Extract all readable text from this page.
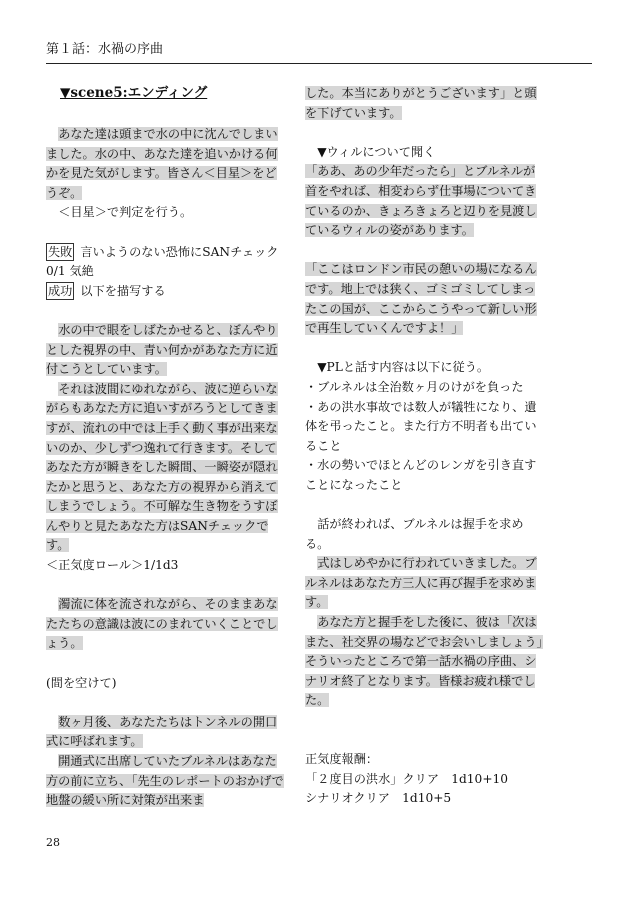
第１話：水禍の序曲
▼scene5:エンディング

あなた達は頭まで水の中に沈んでしまいました。水の中、あなた達を追いかける何かを見た気がします。皆さん＜目星＞をどうぞ。

＜目星＞で判定を行う。

失敗 言いようのない恐怖にSANチェック 0/1 気絶

成功 以下を描写する

水の中で眼をしばたかせると、ぼんやりとした視界の中、青い何かがあなた方に近付こうとしています。

それは波間にゆれながら、波に逆らいながらもあなた方に追いすがろうとしてきますが、流れの中では上手く動く事が出来ないのか、少しずつ逸れて行きます。そしてあなた方が瞬きをした瞬間、一瞬姿が隠れたかと思うと、あなた方の視界から消えてしまうでしょう。不可解な生き物をうすぼんやりと見たあなた方はSANチェックです。

＜正気度ロール＞1/1d3

濁流に体を流されながら、そのままあなたたちの意識は波にのまれていくことでしょう。

(間を空けて)

数ヶ月後、あなたたちはトンネルの開口式に呼ばれます。

開通式に出席していたブルネルはあなた方の前に立ち、「先生のレポートのおかげで地盤の緩い所に対策が出来ま

した。本当にありがとうございます」と頭を下げています。

▼ウィルについて聞く

「ああ、あの少年だったら」とブルネルが首をやれば、相変わらず仕事場についてきているのか、きょろきょろと辺りを見渡しているウィルの姿があります。

「ここはロンドン市民の憩いの場になるんです。地上では狭く、ゴミゴミしてしまったこの国が、ここからこうやって新しい形で再生していくんですよ！」

▼PLと話す内容は以下に従う。

・ブルネルは全治数ヶ月のけがを負った

・あの洪水事故では数人が犠牲になり、遺体を弔ったこと。また行方不明者も出ていること

・水の勢いでほとんどのレンガを引き直すことになったこと

話が終われば、ブルネルは握手を求める。

式はしめやかに行われていきました。ブルネルはあなた方三人に再び握手を求めます。

あなた方と握手をした後に、彼は「次はまた、社交界の場などでお会いしましょう」そういったところで第一話水禍の序曲、シナリオ終了となります。皆様お疲れ様でした。

正気度報酬：

「２度目の洪水」クリア　1d10+10

シナリオクリア　1d10+5

28
